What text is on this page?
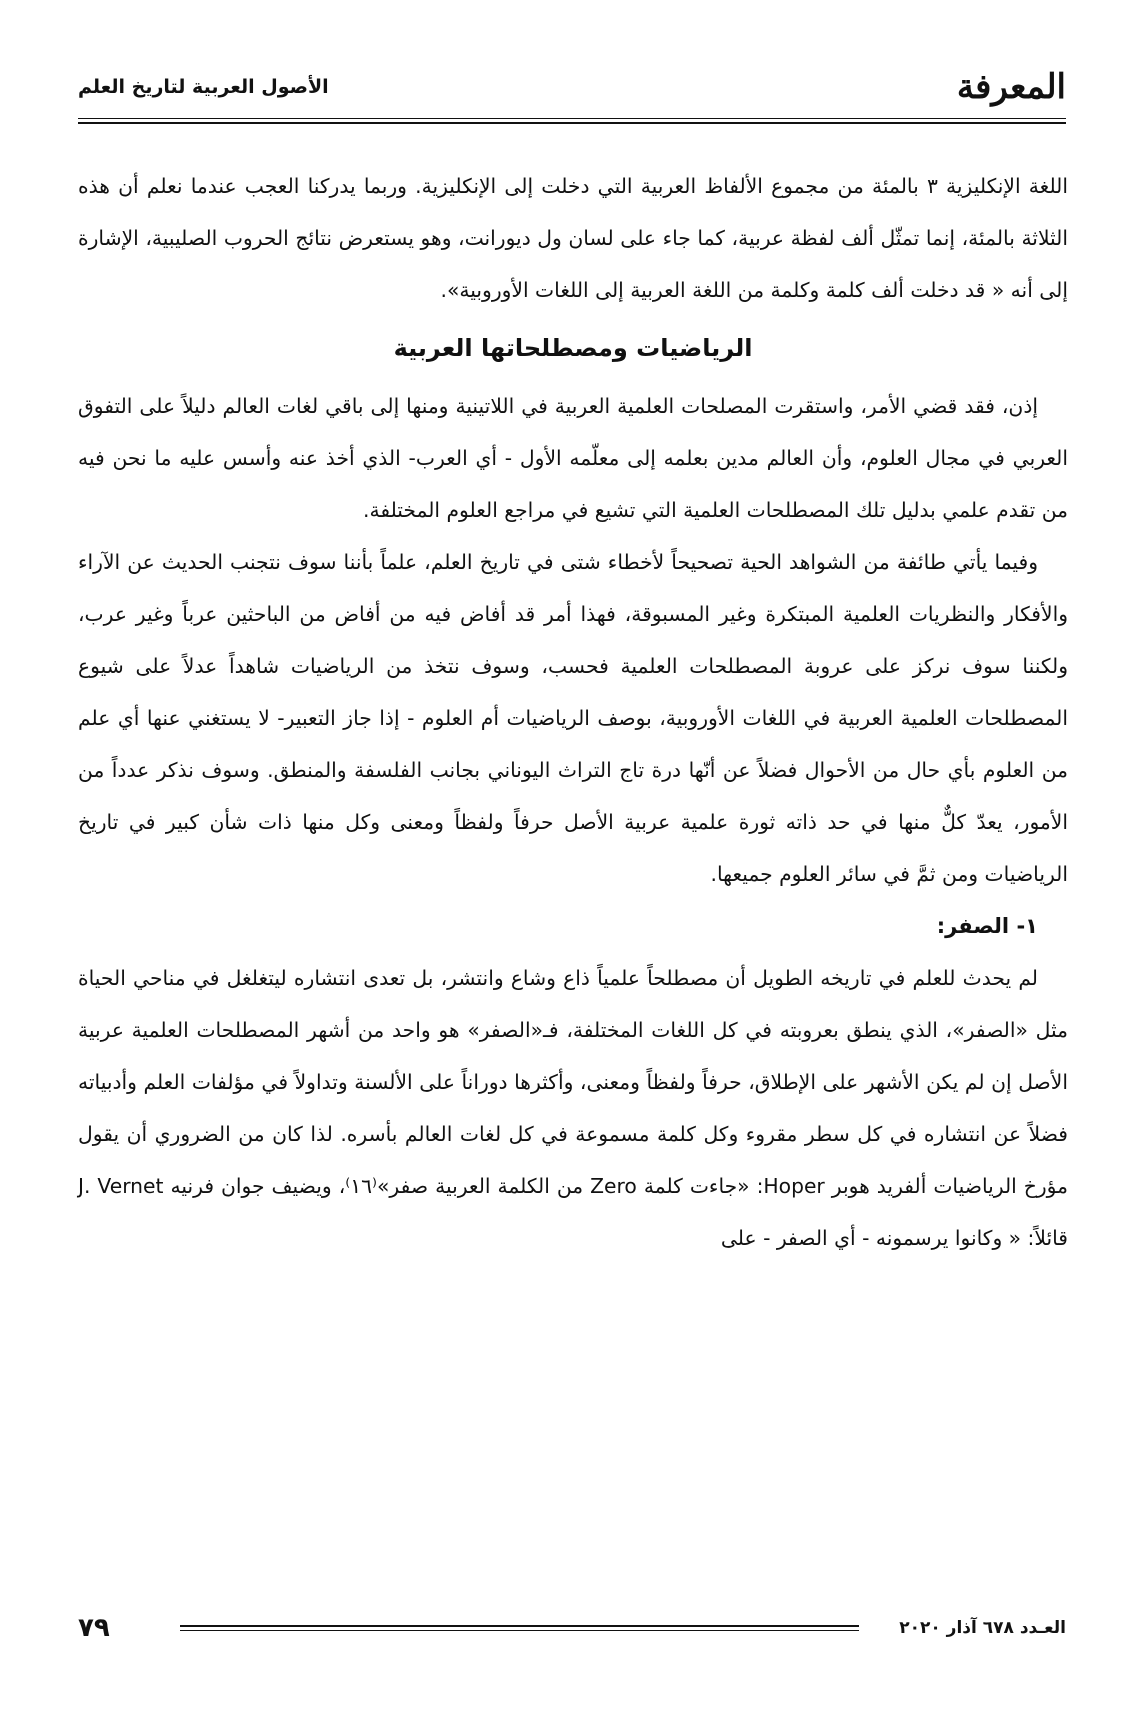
المعرفة
الأصول العربية لتاريخ العلم

اللغة الإنكليزية ٣ بالمئة من مجموع الألفاظ العربية التي دخلت إلى الإنكليزية. وربما يدركنا العجب عندما نعلم أن هذه الثلاثة بالمئة، إنما تمثّل ألف لفظة عربية، كما جاء على لسان ول ديورانت، وهو يستعرض نتائج الحروب الصليبية، الإشارة إلى أنه « قد دخلت ألف كلمة وكلمة من اللغة العربية إلى اللغات الأوروبية».

الرياضيات ومصطلحاتها العربية

إذن، فقد قضي الأمر، واستقرت المصلحات العلمية العربية في اللاتينية ومنها إلى باقي لغات العالم دليلاً على التفوق العربي في مجال العلوم، وأن العالم مدين بعلمه إلى معلّمه الأول - أي العرب- الذي أخذ عنه وأسس عليه ما نحن فيه من تقدم علمي بدليل تلك المصطلحات العلمية التي تشيع في مراجع العلوم المختلفة.

وفيما يأتي طائفة من الشواهد الحية تصحيحاً لأخطاء شتى في تاريخ العلم، علماً بأننا سوف نتجنب الحديث عن الآراء والأفكار والنظريات العلمية المبتكرة وغير المسبوقة، فهذا أمر قد أفاض فيه من أفاض من الباحثين عرباً وغير عرب، ولكننا سوف نركز على عروبة المصطلحات العلمية فحسب، وسوف نتخذ من الرياضيات شاهداً عدلاً على شيوع المصطلحات العلمية العربية في اللغات الأوروبية، بوصف الرياضيات أم العلوم - إذا جاز التعبير- لا يستغني عنها أي علم من العلوم بأي حال من الأحوال فضلاً عن أنّها درة تاج التراث اليوناني بجانب الفلسفة والمنطق. وسوف نذكر عدداً من الأمور، يعدّ كلٌّ منها في حد ذاته ثورة علمية عربية الأصل حرفاً ولفظاً ومعنى وكل منها ذات شأن كبير في تاريخ الرياضيات ومن ثمَّ في سائر العلوم جميعها.

١- الصفر:

لم يحدث للعلم في تاريخه الطويل أن مصطلحاً علمياً ذاع وشاع وانتشر، بل تعدى انتشاره ليتغلغل في مناحي الحياة مثل «الصفر»، الذي ينطق بعروبته في كل اللغات المختلفة، فـ«الصفر» هو واحد من أشهر المصطلحات العلمية عربية الأصل إن لم يكن الأشهر على الإطلاق، حرفاً ولفظاً ومعنى، وأكثرها دوراناً على الألسنة وتداولاً في مؤلفات العلم وأدبياته فضلاً عن انتشاره في كل سطر مقروء وكل كلمة مسموعة في كل لغات العالم بأسره. لذا كان من الضروري أن يقول مؤرخ الرياضيات ألفريد هوبر Hoper: «جاءت كلمة Zero من الكلمة العربية صفر»⁽١٦⁾، ويضيف جوان فرنيه J. Vernet قائلاً: « وكانوا يرسمونه - أي الصفر - على

العـدد ٦٧٨ آذار ٢٠٢٠
٧٩
